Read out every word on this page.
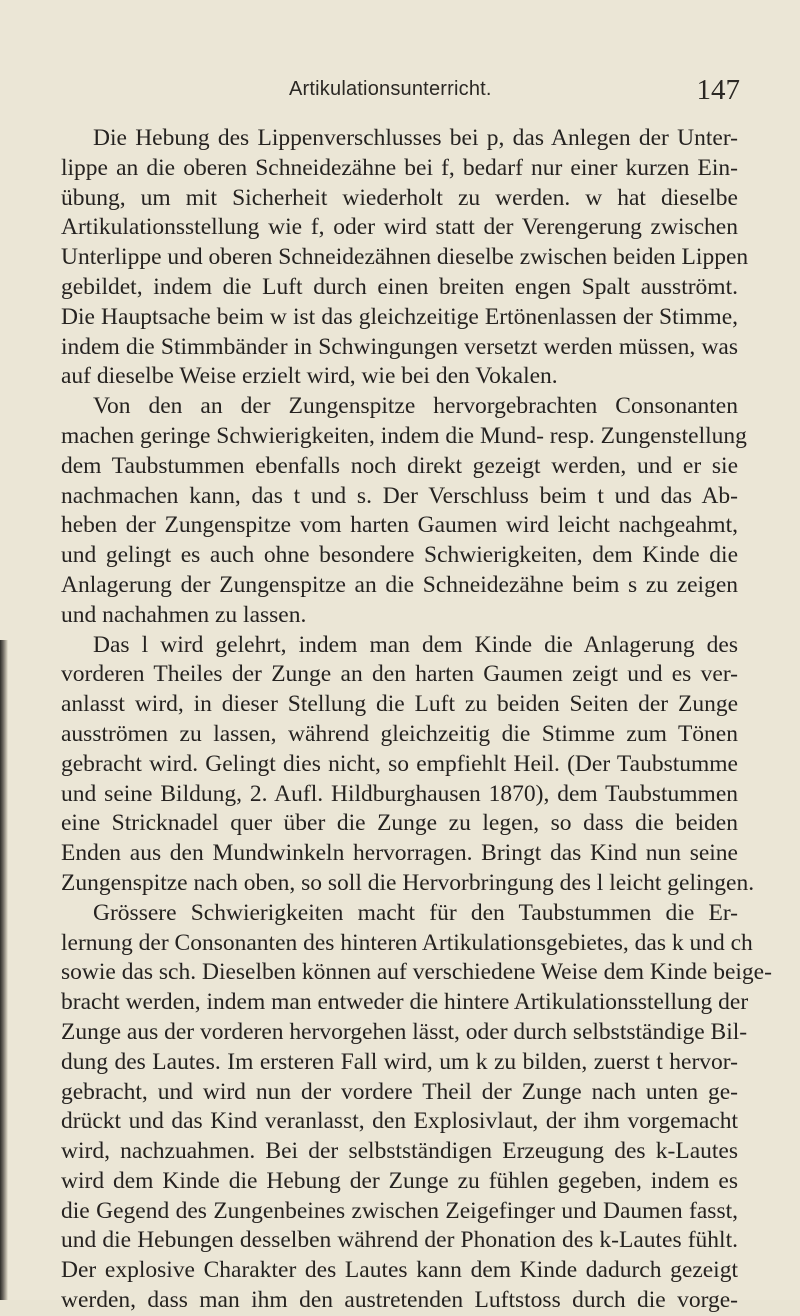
Artikulationsunterricht.	147
Die Hebung des Lippenverschlusses bei p, das Anlegen der Unter-
lippe an die oberen Schneidezähne bei f, bedarf nur einer kurzen Ein-
übung, um mit Sicherheit wiederholt zu werden. w hat dieselbe
Artikulationsstellung wie f, oder wird statt der Verengerung zwischen
Unterlippe und oberen Schneidezähnen dieselbe zwischen beiden Lippen
gebildet, indem die Luft durch einen breiten engen Spalt ausströmt.
Die Hauptsache beim w ist das gleichzeitige Ertönenlassen der Stimme,
indem die Stimmbänder in Schwingungen versetzt werden müssen, was
auf dieselbe Weise erzielt wird, wie bei den Vokalen.
Von den an der Zungenspitze hervorgebrachten Consonanten
machen geringe Schwierigkeiten, indem die Mund- resp. Zungenstellung
dem Taubstummen ebenfalls noch direkt gezeigt werden, und er sie
nachmachen kann, das t und s. Der Verschluss beim t und das Ab-
heben der Zungenspitze vom harten Gaumen wird leicht nachgeahmt,
und gelingt es auch ohne besondere Schwierigkeiten, dem Kinde die
Anlagerung der Zungenspitze an die Schneidezähne beim s zu zeigen
und nachahmen zu lassen.
Das l wird gelehrt, indem man dem Kinde die Anlagerung des
vorderen Theiles der Zunge an den harten Gaumen zeigt und es ver-
anlasst wird, in dieser Stellung die Luft zu beiden Seiten der Zunge
ausströmen zu lassen, während gleichzeitig die Stimme zum Tönen
gebracht wird. Gelingt dies nicht, so empfiehlt Heil. (Der Taubstumme
und seine Bildung, 2. Aufl. Hildburghausen 1870), dem Taubstummen
eine Stricknadel quer über die Zunge zu legen, so dass die beiden
Enden aus den Mundwinkeln hervorragen. Bringt das Kind nun seine
Zungenspitze nach oben, so soll die Hervorbringung des l leicht gelingen.
Grössere Schwierigkeiten macht für den Taubstummen die Er-
lernung der Consonanten des hinteren Artikulationsgebietes, das k und ch
sowie das sch. Dieselben können auf verschiedene Weise dem Kinde beige-
bracht werden, indem man entweder die hintere Artikulationsstellung der
Zunge aus der vorderen hervorgehen lässt, oder durch selbstständige Bil-
dung des Lautes. Im ersteren Fall wird, um k zu bilden, zuerst t hervor-
gebracht, und wird nun der vordere Theil der Zunge nach unten ge-
drückt und das Kind veranlasst, den Explosivlaut, der ihm vorgemacht
wird, nachzuahmen. Bei der selbstständigen Erzeugung des k-Lautes
wird dem Kinde die Hebung der Zunge zu fühlen gegeben, indem es
die Gegend des Zungenbeines zwischen Zeigefinger und Daumen fasst,
und die Hebungen desselben während der Phonation des k-Lautes fühlt.
Der explosive Charakter des Lautes kann dem Kinde dadurch gezeigt
werden, dass man ihm den austretenden Luftstoss durch die vorge-
